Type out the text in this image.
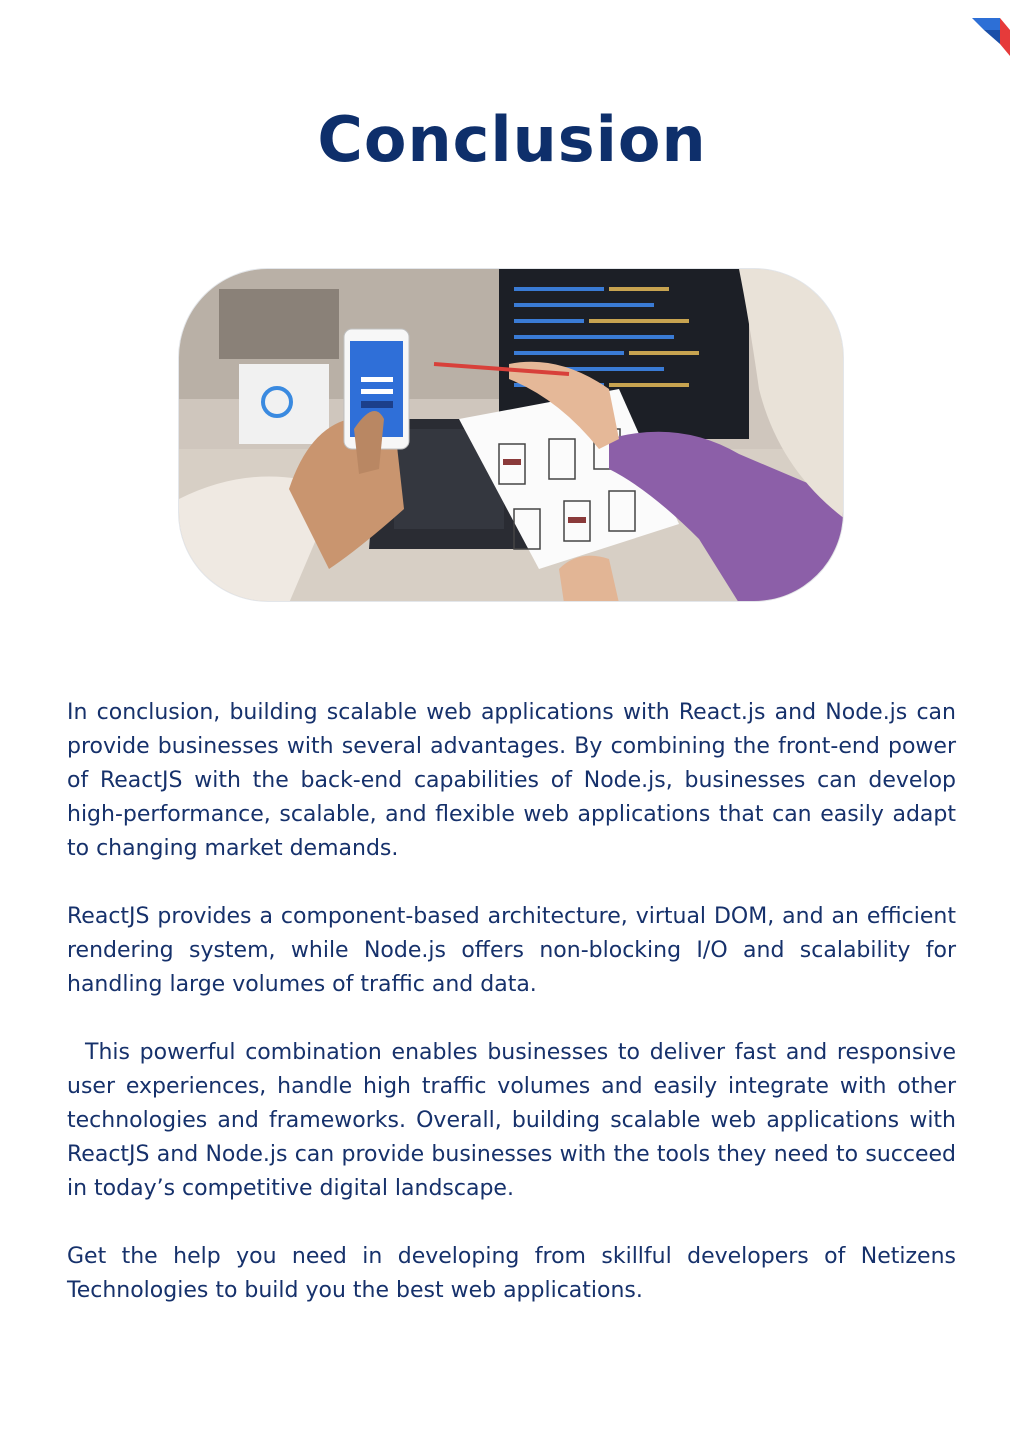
Conclusion

In conclusion, building scalable web applications with React.js and Node.js can provide businesses with several advantages. By combining the front-end power of ReactJS with the back-end capabilities of Node.js, businesses can develop high-performance, scalable, and flexible web applications that can easily adapt to changing market demands.

ReactJS provides a component-based architecture, virtual DOM, and an efficient rendering system, while Node.js offers non-blocking I/O and scalability for handling large volumes of traffic and data.

This powerful combination enables businesses to deliver fast and responsive user experiences, handle high traffic volumes and easily integrate with other technologies and frameworks. Overall, building scalable web applications with ReactJS and Node.js can provide businesses with the tools they need to succeed in today’s competitive digital landscape.

Get the help you need in developing from skillful developers of Netizens Technologies to build you the best web applications.
